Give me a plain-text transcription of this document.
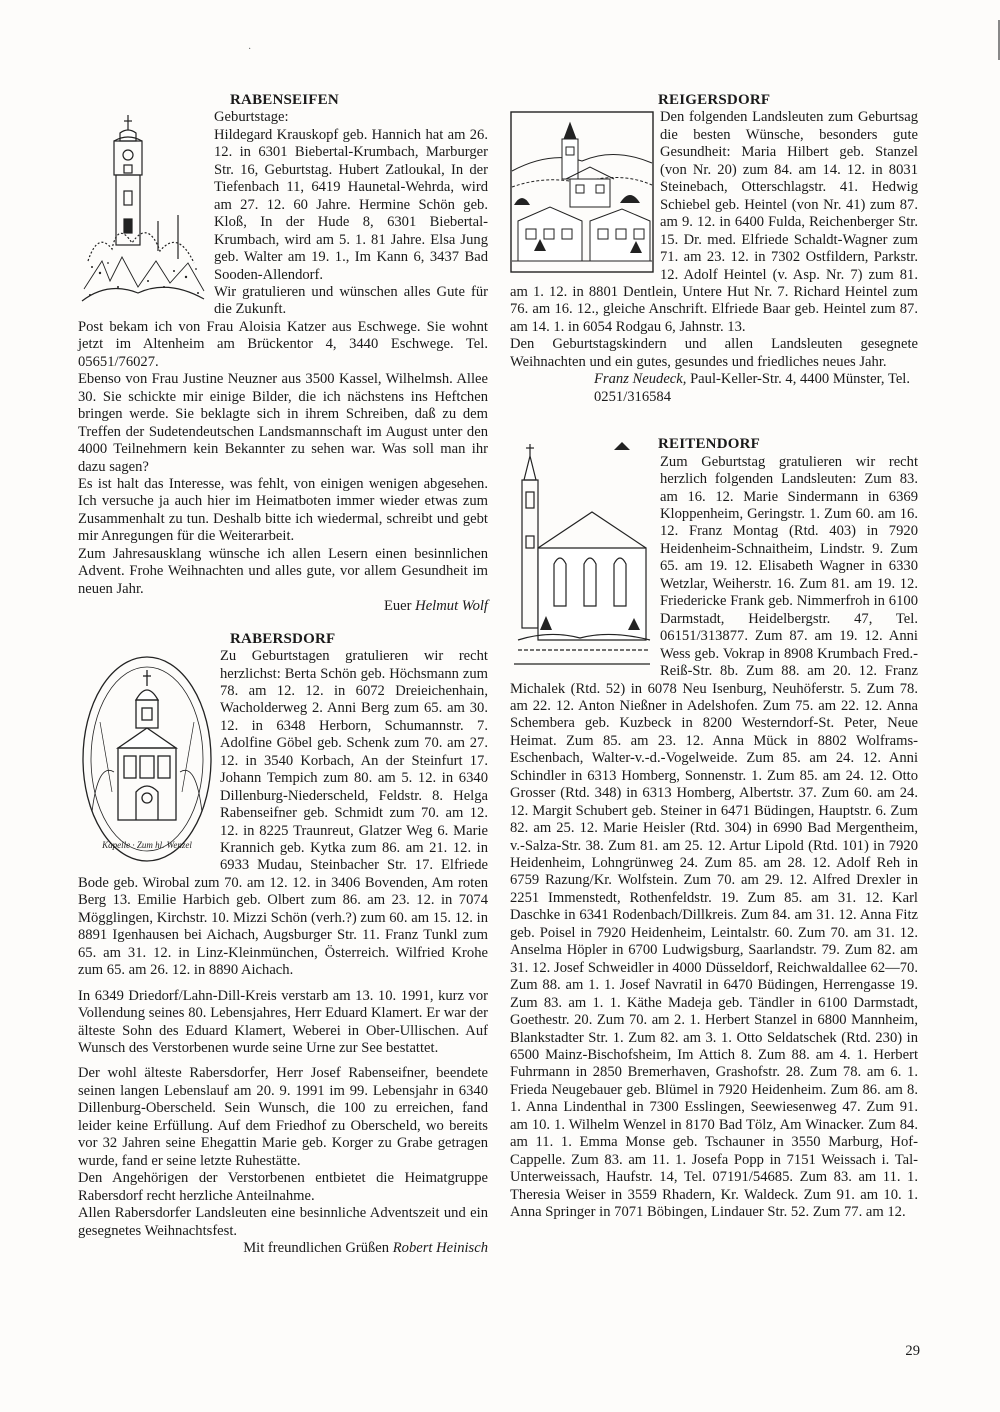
·
RABENSEIFEN

Geburtstage:

Hildegard Krauskopf geb. Hannich hat am 26. 12. in 6301 Biebertal-Krumbach, Marburger Str. 16, Geburtstag. Hubert Zatloukal, In der Tiefenbach 11, 6419 Haunetal-Wehrda, wird am 27. 12. 60 Jahre. Hermine Schön geb. Kloß, In der Hude 8, 6301 Biebertal-Krumbach, wird am 5. 1. 81 Jahre. Elsa Jung geb. Walter am 19. 1., Im Kann 6, 3437 Bad Sooden-Allendorf.

Wir gratulieren und wünschen alles Gute für die Zukunft.

Post bekam ich von Frau Aloisia Katzer aus Eschwege. Sie wohnt jetzt im Altenheim am Brückentor 4, 3440 Eschwege. Tel. 05651/76027.

Ebenso von Frau Justine Neuzner aus 3500 Kassel, Wilhelmsh. Allee 30. Sie schickte mir einige Bilder, die ich nächstens ins Heftchen bringen werde. Sie beklagte sich in ihrem Schreiben, daß zu dem Treffen der Sudetendeutschen Landsmannschaft im August unter den 4000 Teilnehmern kein Bekannter zu sehen war. Was soll man ihr dazu sagen?

Es ist halt das Interesse, was fehlt, von einigen wenigen abgesehen. Ich versuche ja auch hier im Heimatboten immer wieder etwas zum Zusammenhalt zu tun. Deshalb bitte ich wiedermal, schreibt und gebt mir Anregungen für die Weiterarbeit.

Zum Jahresausklang wünsche ich allen Lesern einen besinnlichen Advent. Frohe Weihnachten und alles gute, vor allem Gesundheit im neuen Jahr.

Euer Helmut Wolf

RABERSDORF
Kapelle · Zum hl. Wenzel

Zu Geburtstagen gratulieren wir recht herzlichst: Berta Schön geb. Höchsmann zum 78. am 12. 12. in 6072 Dreieichenhain, Wacholderweg 2. Anni Berg zum 65. am 30. 12. in 6348 Herborn, Schumannstr. 7. Adolfine Göbel geb. Schenk zum 70. am 27. 12. in 3540 Korbach, An der Steinfurt 17. Johann Tempich zum 80. am 5. 12. in 6340 Dillenburg-Niederscheld, Feldstr. 8. Helga Rabenseifner geb. Schmidt zum 70. am 12. 12. in 8225 Traunreut, Glatzer Weg 6. Marie Krannich geb. Kytka zum 86. am 21. 12. in 6933 Mudau, Steinbacher Str. 17. Elfriede Bode geb. Wirobal zum 70. am 12. 12. in 3406 Bovenden, Am roten Berg 13. Emilie Harbich geb. Olbert zum 86. am 23. 12. in 7074 Mögglingen, Kirchstr. 10. Mizzi Schön (verh.?) zum 60. am 15. 12. in 8891 Igenhausen bei Aichach, Augsburger Str. 11. Franz Tunkl zum 65. am 31. 12. in Linz-Kleinmünchen, Österreich. Wilfried Krohe zum 65. am 26. 12. in 8890 Aichach.

In 6349 Driedorf/Lahn-Dill-Kreis verstarb am 13. 10. 1991, kurz vor Vollendung seines 80. Lebensjahres, Herr Eduard Klamert. Er war der älteste Sohn des Eduard Klamert, Weberei in Ober-Ullischen. Auf Wunsch des Verstorbenen wurde seine Urne zur See bestattet.

Der wohl älteste Rabersdorfer, Herr Josef Rabenseifner, beendete seinen langen Lebenslauf am 20. 9. 1991 im 99. Lebensjahr in 6340 Dillenburg-Oberscheld. Sein Wunsch, die 100 zu erreichen, fand leider keine Erfüllung. Auf dem Friedhof zu Oberscheld, wo bereits vor 32 Jahren seine Ehegattin Marie geb. Korger zu Grabe getragen wurde, fand er seine letzte Ruhestätte.

Den Angehörigen der Verstorbenen entbietet die Heimatgruppe Rabersdorf recht herzliche Anteilnahme.

Allen Rabersdorfer Landsleuten eine besinnliche Adventszeit und ein gesegnetes Weihnachtsfest.

Mit freundlichen Grüßen Robert Heinisch

REIGERSDORF

Den folgenden Landsleuten zum Geburtsag die besten Wünsche, besonders gute Gesundheit: Maria Hilbert geb. Stanzel (von Nr. 20) zum 84. am 14. 12. in 8031 Steinebach, Otterschlagstr. 41. Hedwig Schiebel geb. Heintel (von Nr. 41) zum 87. am 9. 12. in 6400 Fulda, Reichenberger Str. 15. Dr. med. Elfriede Schaldt-Wagner zum 71. am 23. 12. in 7302 Ostfildern, Parkstr. 12. Adolf Heintel (v. Asp. Nr. 7) zum 81. am 1. 12. in 8801 Dentlein, Untere Hut Nr. 7. Richard Heintel zum 76. am 16. 12., gleiche Anschrift. Elfriede Baar geb. Heintel zum 87. am 14. 1. in 6054 Rodgau 6, Jahnstr. 13.

Den Geburtstagskindern und allen Landsleuten gesegnete Weihnachten und ein gutes, gesundes und friedliches neues Jahr.

Franz Neudeck, Paul-Keller-Str. 4, 4400 Münster, Tel. 0251/316584

REITENDORF

Zum Geburtstag gratulieren wir recht herzlich folgenden Landsleuten: Zum 83. am 16. 12. Marie Sindermann in 6369 Kloppenheim, Geringstr. 1. Zum 60. am 16. 12. Franz Montag (Rtd. 403) in 7920 Heidenheim-Schnaitheim, Lindstr. 9. Zum 65. am 19. 12. Elisabeth Wagner in 6330 Wetzlar, Weiherstr. 16. Zum 81. am 19. 12. Friedericke Frank geb. Nimmerfroh in 6100 Darmstadt, Heidelbergstr. 47, Tel. 06151/313877. Zum 87. am 19. 12. Anni Wess geb. Vokrap in 8908 Krumbach Fred.-Reiß-Str. 8b. Zum 88. am 20. 12. Franz Michalek (Rtd. 52) in 6078 Neu Isenburg, Neuhöferstr. 5. Zum 78. am 22. 12. Anton Nießner in Adelshofen. Zum 75. am 22. 12. Anna Schembera geb. Kuzbeck in 8200 Westerndorf-St. Peter, Neue Heimat. Zum 85. am 23. 12. Anna Mück in 8802 Wolframs-Eschenbach, Walter-v.-d.-Vogelweide. Zum 85. am 24. 12. Anni Schindler in 6313 Homberg, Sonnenstr. 1. Zum 85. am 24. 12. Otto Grosser (Rtd. 348) in 6313 Homberg, Albertstr. 37. Zum 60. am 24. 12. Margit Schubert geb. Steiner in 6471 Büdingen, Hauptstr. 6. Zum 82. am 25. 12. Marie Heisler (Rtd. 304) in 6990 Bad Mergentheim, v.-Salza-Str. 38. Zum 81. am 25. 12. Artur Lipold (Rtd. 101) in 7920 Heidenheim, Lohngrünweg 24. Zum 85. am 28. 12. Adolf Reh in 6759 Razung/Kr. Wolfstein. Zum 70. am 29. 12. Alfred Drexler in 2251 Immenstedt, Rothenfeldstr. 19. Zum 85. am 31. 12. Karl Daschke in 6341 Rodenbach/Dillkreis. Zum 84. am 31. 12. Anna Fitz geb. Poisel in 7920 Heidenheim, Leintalstr. 60. Zum 70. am 31. 12. Anselma Höpler in 6700 Ludwigsburg, Saarlandstr. 79. Zum 82. am 31. 12. Josef Schweidler in 4000 Düsseldorf, Reichwaldallee 62—70. Zum 88. am 1. 1. Josef Navratil in 6470 Büdingen, Herrengasse 19. Zum 83. am 1. 1. Käthe Madeja geb. Tändler in 6100 Darmstadt, Goethestr. 20. Zum 70. am 2. 1. Herbert Stanzel in 6800 Mannheim, Blankstadter Str. 1. Zum 82. am 3. 1. Otto Seldatschek (Rtd. 230) in 6500 Mainz-Bischofsheim, Im Attich 8. Zum 88. am 4. 1. Herbert Fuhrmann in 2850 Bremerhaven, Grashofstr. 28. Zum 78. am 6. 1. Frieda Neugebauer geb. Blümel in 7920 Heidenheim. Zum 86. am 8. 1. Anna Lindenthal in 7300 Esslingen, Seewiesenweg 47. Zum 91. am 10. 1. Wilhelm Wenzel in 8170 Bad Tölz, Am Winacker. Zum 84. am 11. 1. Emma Monse geb. Tschauner in 3550 Marburg, Hof-Cappelle. Zum 83. am 11. 1. Josefa Popp in 7151 Weissach i. Tal-Unterweissach, Haufstr. 14, Tel. 07191/54685. Zum 83. am 11. 1. Theresia Weiser in 3559 Rhadern, Kr. Waldeck. Zum 91. am 10. 1. Anna Springer in 7071 Böbingen, Lindauer Str. 52. Zum 77. am 12.

29
